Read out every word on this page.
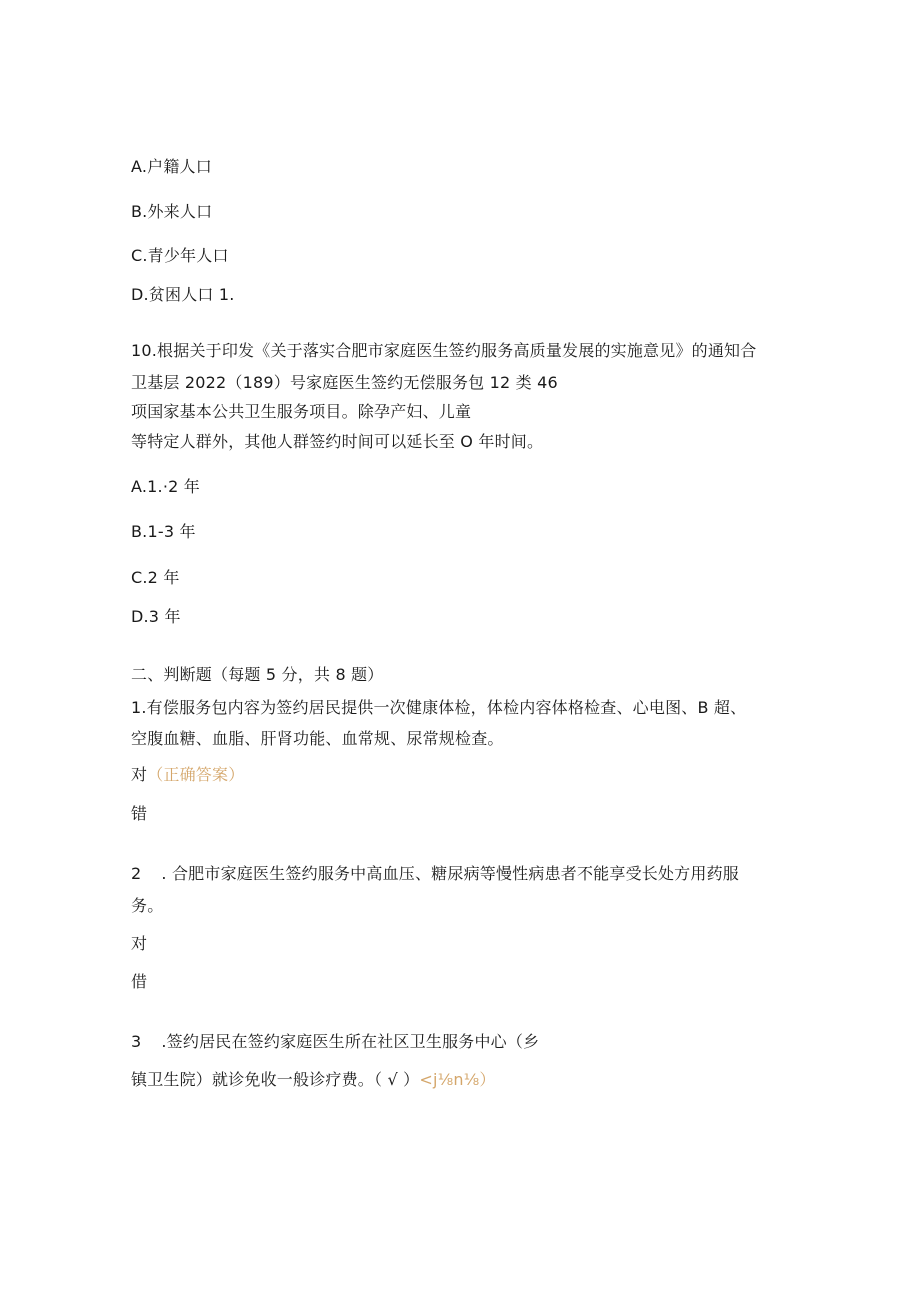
A.户籍人口
B.外来人口
C.青少年人口
D.贫困人口 1.
10.根据关于印发《关于落实合肥市家庭医生签约服务高质量发展的实施意见》的通知合
卫基层 2022（189）号家庭医生签约无偿服务包 12 类 46
项国家基本公共卫生服务项目。除孕产妇、儿童
等特定人群外，其他人群签约时间可以延长至 O 年时间。
A.1.·2 年
B.1-3 年
C.2 年
D.3 年
二、判断题（每题 5 分，共 8 题）
1.有偿服务包内容为签约居民提供一次健康体检，体检内容体格检查、心电图、B 超、
空腹血糖、血脂、肝肾功能、血常规、尿常规检查。
对（正确答案）
错
2 . 合肥市家庭医生签约服务中高血压、糖尿病等慢性病患者不能享受长处方用药服
务。
对
借
3 .签约居民在签约家庭医生所在社区卫生服务中心（乡
镇卫生院）就诊免收一般诊疗费。（ √ ）<j⅛n⅛）
